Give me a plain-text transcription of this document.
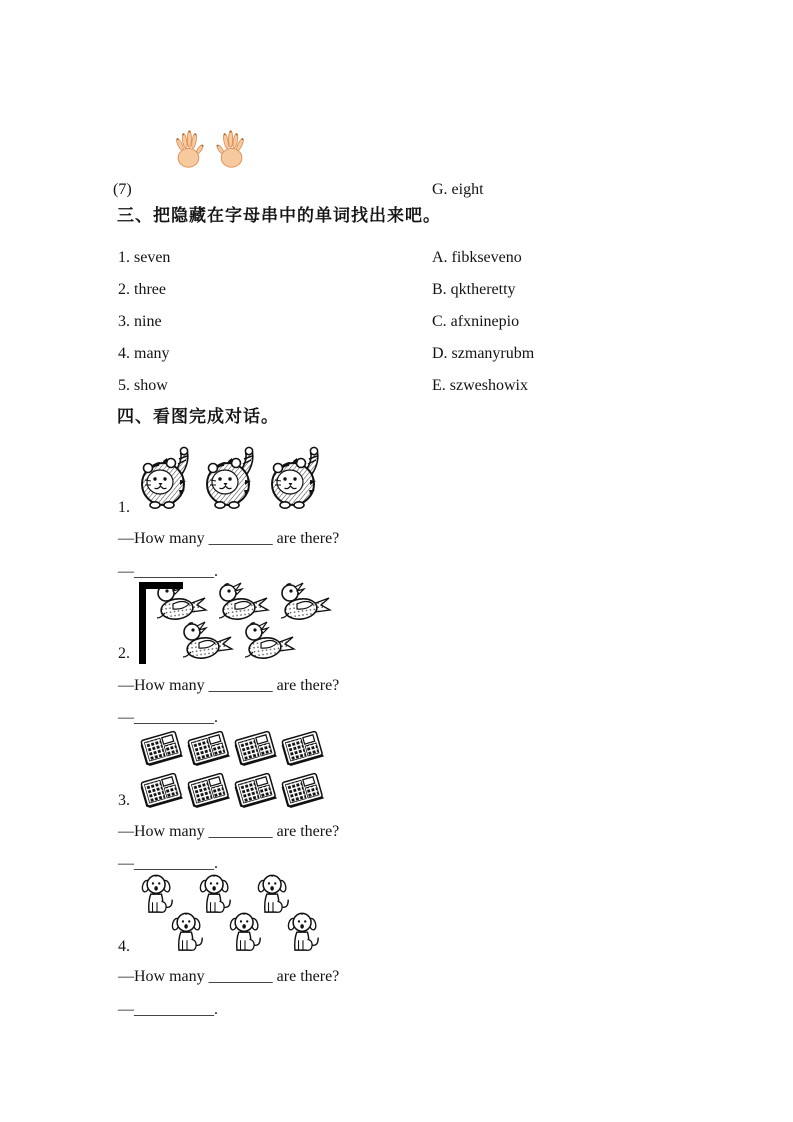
(7)	G. eight
三、把隐藏在字母串中的单词找出来吧。
1. seven	A. fibkseveno
2. three	B. qktheretty
3. nine	C. afxninepio
4. many	D. szmanyrubm
5. show	E. szweshowix
四、看图完成对话。
1.
—How many ________ are there?
—__________.
2.
—How many ________ are there?
—__________.
3.
—How many ________ are there?
—__________.
4.
—How many ________ are there?
—__________.
